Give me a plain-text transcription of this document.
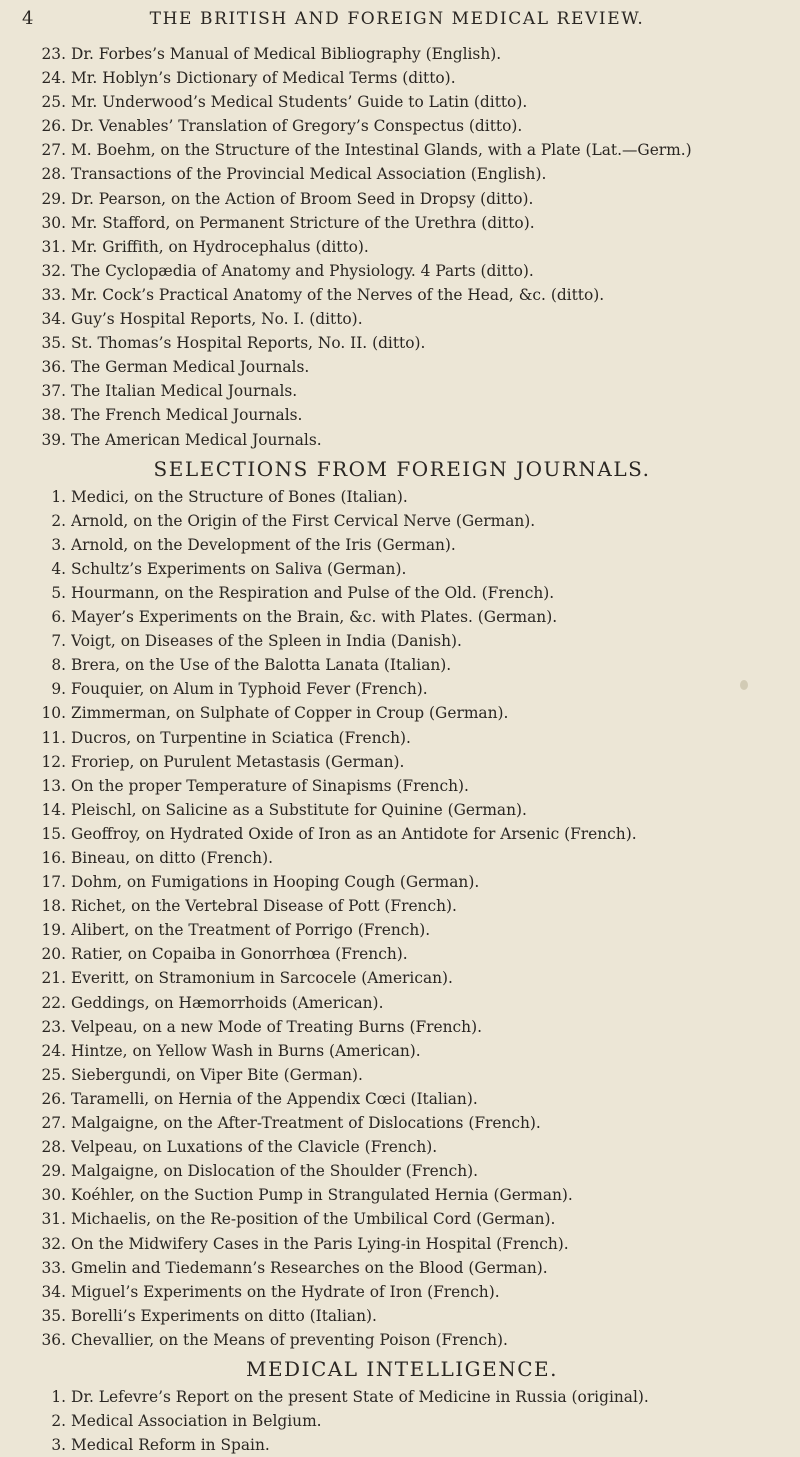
4	THE BRITISH AND FOREIGN MEDICAL REVIEW.
23. Dr. Forbes’s Manual of Medical Bibliography (English).
24. Mr. Hoblyn’s Dictionary of Medical Terms (ditto).
25. Mr. Underwood’s Medical Students’ Guide to Latin (ditto).
26. Dr. Venables’ Translation of Gregory’s Conspectus (ditto).
27. M. Boehm, on the Structure of the Intestinal Glands, with a Plate (Lat.—Germ.)
28. Transactions of the Provincial Medical Association (English).
29. Dr. Pearson, on the Action of Broom Seed in Dropsy (ditto).
30. Mr. Stafford, on Permanent Stricture of the Urethra (ditto).
31. Mr. Griffith, on Hydrocephalus (ditto).
32. The Cyclopædia of Anatomy and Physiology. 4 Parts (ditto).
33. Mr. Cock’s Practical Anatomy of the Nerves of the Head, &c. (ditto).
34. Guy’s Hospital Reports, No. I. (ditto).
35. St. Thomas’s Hospital Reports, No. II. (ditto).
36. The German Medical Journals.
37. The Italian Medical Journals.
38. The French Medical Journals.
39. The American Medical Journals.
SELECTIONS FROM FOREIGN JOURNALS.
1. Medici, on the Structure of Bones (Italian).
2. Arnold, on the Origin of the First Cervical Nerve (German).
3. Arnold, on the Development of the Iris (German).
4. Schultz’s Experiments on Saliva (German).
5. Hourmann, on the Respiration and Pulse of the Old. (French).
6. Mayer’s Experiments on the Brain, &c. with Plates. (German).
7. Voigt, on Diseases of the Spleen in India (Danish).
8. Brera, on the Use of the Balotta Lanata (Italian).
9. Fouquier, on Alum in Typhoid Fever (French).
10. Zimmerman, on Sulphate of Copper in Croup (German).
11. Ducros, on Turpentine in Sciatica (French).
12. Froriep, on Purulent Metastasis (German).
13. On the proper Temperature of Sinapisms (French).
14. Pleischl, on Salicine as a Substitute for Quinine (German).
15. Geoffroy, on Hydrated Oxide of Iron as an Antidote for Arsenic (French).
16. Bineau, on ditto (French).
17. Dohm, on Fumigations in Hooping Cough (German).
18. Richet, on the Vertebral Disease of Pott (French).
19. Alibert, on the Treatment of Porrigo (French).
20. Ratier, on Copaiba in Gonorrhœa (French).
21. Everitt, on Stramonium in Sarcocele (American).
22. Geddings, on Hæmorrhoids (American).
23. Velpeau, on a new Mode of Treating Burns (French).
24. Hintze, on Yellow Wash in Burns (American).
25. Siebergundi, on Viper Bite (German).
26. Taramelli, on Hernia of the Appendix Cœci (Italian).
27. Malgaigne, on the After-Treatment of Dislocations (French).
28. Velpeau, on Luxations of the Clavicle (French).
29. Malgaigne, on Dislocation of the Shoulder (French).
30. Koéhler, on the Suction Pump in Strangulated Hernia (German).
31. Michaelis, on the Re-position of the Umbilical Cord (German).
32. On the Midwifery Cases in the Paris Lying-in Hospital (French).
33. Gmelin and Tiedemann’s Researches on the Blood (German).
34. Miguel’s Experiments on the Hydrate of Iron (French).
35. Borelli’s Experiments on ditto (Italian).
36. Chevallier, on the Means of preventing Poison (French).
MEDICAL INTELLIGENCE.
1. Dr. Lefevre’s Report on the present State of Medicine in Russia (original).
2. Medical Association in Belgium.
3. Medical Reform in Spain.
